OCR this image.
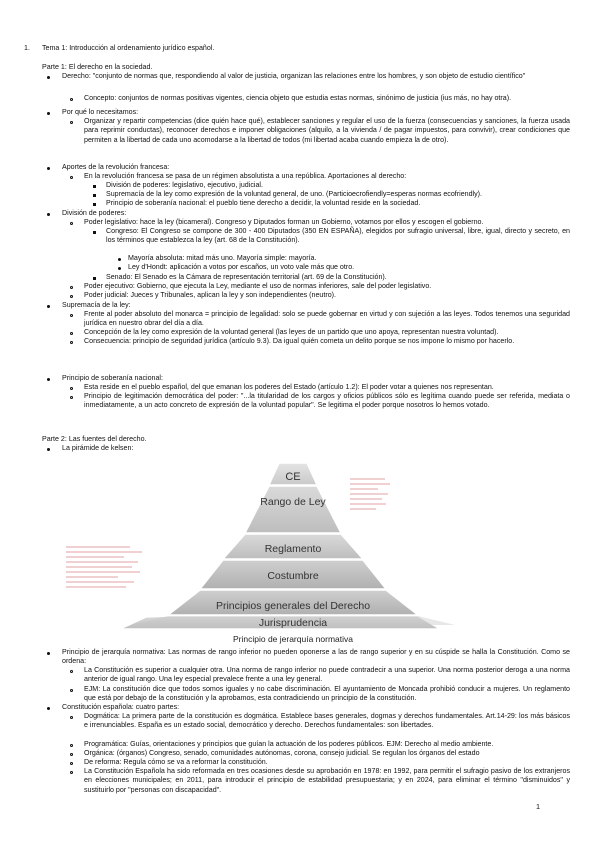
1. Tema 1: Introducción al ordenamiento jurídico español.
Parte 1: El derecho en la sociedad.
Derecho: "conjunto de normas que, respondiendo al valor de justicia, organizan las relaciones entre los hombres, y son objeto de estudio científico"
Concepto: conjuntos de normas positivas vigentes, ciencia objeto que estudia estas normas, sinónimo de justicia (ius más, no hay otra).
Por qué lo necesitamos:
Organizar y repartir competencias (dice quién hace qué), establecer sanciones y regular el uso de la fuerza (consecuencias y sanciones, la fuerza usada para reprimir conductas), reconocer derechos e imponer obligaciones (alquilo, a la vivienda / de pagar impuestos, para convivir), crear condiciones que permiten a la libertad de cada uno acomodarse a la libertad de todos (mi libertad acaba cuando empieza la de otro).
Aportes de la revolución francesa:
En la revolución francesa se pasa de un régimen absolutista a una república. Aportaciones al derecho:
División de poderes: legislativo, ejecutivo, judicial.
Supremacía de la ley como expresión de la voluntad general, de uno. (Particioecrofiendly=esperas normas ecofriendly).
Principio de soberanía nacional: el pueblo tiene derecho a decidir, la voluntad reside en la sociedad.
División de poderes:
Poder legislativo: hace la ley (bicameral). Congreso y Diputados forman un Gobierno, votamos por ellos y escogen el gobierno.
Congreso: El Congreso se compone de 300 - 400 Diputados (350 EN ESPAÑA), elegidos por sufragio universal, libre, igual, directo y secreto, en los términos que establezca la ley (art. 68 de la Constitución).
Mayoría absoluta: mitad más uno. Mayoría simple: mayoría.
Ley d'Hondt: aplicación a votos por escaños, un voto vale más que otro.
Senado: El Senado es la Cámara de representación territorial (art. 69 de la Constitución).
Poder ejecutivo: Gobierno, que ejecuta la Ley, mediante el uso de normas inferiores, sale del poder legislativo.
Poder judicial: Jueces y Tribunales, aplican la ley y son independientes (neutro).
Supremacía de la ley:
Frente al poder absoluto del monarca = principio de legalidad: solo se puede gobernar en virtud y con sujeción a las leyes. Todos tenemos una seguridad jurídica en nuestro obrar del día a día.
Concepción de la ley como expresión de la voluntad general (las leyes de un partido que uno apoya, representan nuestra voluntad).
Consecuencia: principio de seguridad jurídica (artículo 9.3). Da igual quién cometa un delito porque se nos impone lo mismo por hacerlo.
Principio de soberanía nacional:
Esta reside en el pueblo español, del que emanan los poderes del Estado (artículo 1.2): El poder votar a quienes nos representan.
Principio de legitimación democrática del poder: "...la titularidad de los cargos y oficios públicos sólo es legítima cuando puede ser referida, mediata o inmediatamente, a un acto concreto de expresión de la voluntad popular". Se legitima el poder porque nosotros lo hemos votado.
Parte 2: Las fuentes del derecho.
La pirámide de kelsen:
CE
Rango de Ley
Reglamento
Costumbre
Principios generales del Derecho
Jurisprudencia
Principio de jerarquía normativa
Principio de jerarquía normativa: Las normas de rango inferior no pueden oponerse a las de rango superior y en su cúspide se halla la Constitución. Como se ordena:
La Constitución es superior a cualquier otra. Una norma de rango inferior no puede contradecir a una superior. Una norma posterior deroga a una norma anterior de igual rango. Una ley especial prevalece frente a una ley general.
EJM: La constitución dice que todos somos iguales y no cabe discriminación. El ayuntamiento de Moncada prohibió conducir a mujeres. Un reglamento que está por debajo de la constitución y la aprobamos, esta contradiciendo un principio de la constitución.
Constitución española: cuatro partes:
Dogmática: La primera parte de la constitución es dogmática. Establece bases generales, dogmas y derechos fundamentales. Art.14-29: los más básicos e irrenunciables. España es un estado social, democrático y derecho. Derechos fundamentales: son libertades.
Programática: Guías, orientaciones y principios que guían la actuación de los poderes públicos. EJM: Derecho al medio ambiente.
Orgánica: (órganos) Congreso, senado, comunidades autónomas, corona, consejo judicial. Se regulan los órganos del estado
De reforma: Regula cómo se va a reformar la constitución.
La Constitución Española ha sido reformada en tres ocasiones desde su aprobación en 1978: en 1992, para permitir el sufragio pasivo de los extranjeros en elecciones municipales; en 2011, para introducir el principio de estabilidad presupuestaria; y en 2024, para eliminar el término "disminuidos" y sustituirlo por "personas con discapacidad".
1
